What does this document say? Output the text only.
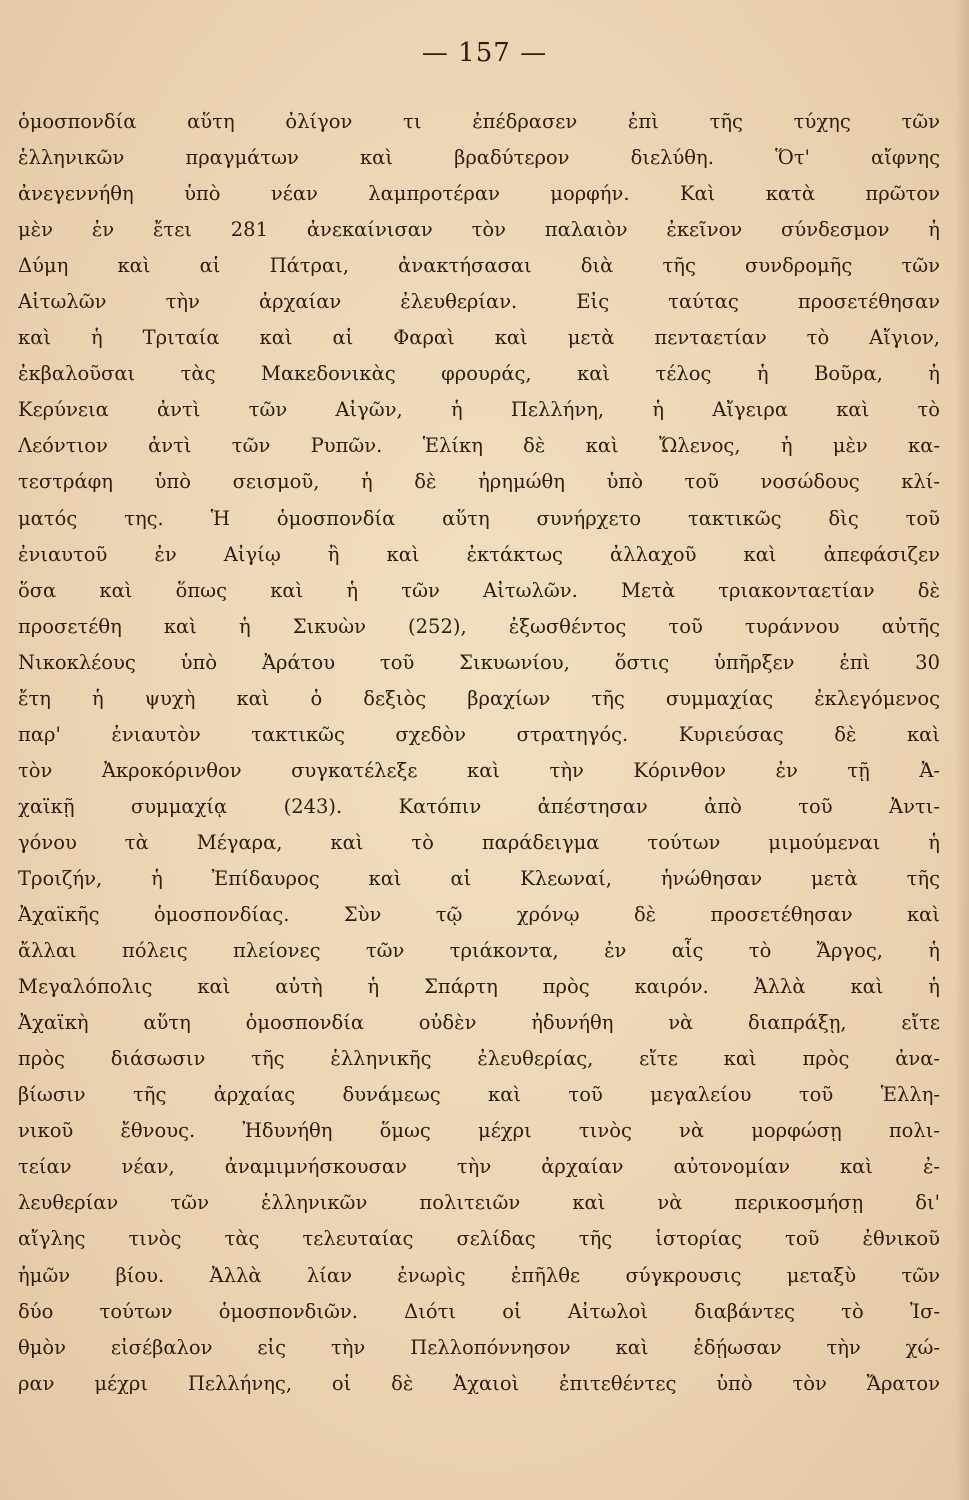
— 157 —
ὁμοσπονδία αὕτη ὀλίγον τι ἐπέδρασεν ἐπὶ τῆς τύχης τῶν
ἑλληνικῶν πραγμάτων καὶ βραδύτερον διελύθη. Ὅτ' αἴφνης
ἀνεγεννήθη ὑπὸ νέαν λαμπροτέραν μορφήν. Καὶ κατὰ πρῶτον
μὲν ἐν ἔτει 281 ἀνεκαίνισαν τὸν παλαιὸν ἐκεῖνον σύνδεσμον ἡ
Δύμη καὶ αἱ Πάτραι, ἀνακτήσασαι διὰ τῆς συνδρομῆς τῶν
Αἰτωλῶν τὴν ἀρχαίαν ἐλευθερίαν. Εἰς ταύτας προσετέθησαν
καὶ ἡ Τριταία καὶ αἱ Φαραὶ καὶ μετὰ πενταετίαν τὸ Αἴγιον,
ἐκβαλοῦσαι τὰς Μακεδονικὰς φρουράς, καὶ τέλος ἡ Βοῦρα, ἡ
Κερύνεια ἀντὶ τῶν Αἰγῶν, ἡ Πελλήνη, ἡ Αἴγειρα καὶ τὸ
Λεόντιον ἀντὶ τῶν Ρυπῶν. Ἑλίκη δὲ καὶ Ὤλενος, ἡ μὲν κα-
τεστράφη ὑπὸ σεισμοῦ, ἡ δὲ ἠρημώθη ὑπὸ τοῦ νοσώδους κλί-
ματός της. Ἡ ὁμοσπονδία αὕτη συνήρχετο τακτικῶς δὶς τοῦ
ἐνιαυτοῦ ἐν Αἰγίῳ ἢ καὶ ἐκτάκτως ἀλλαχοῦ καὶ ἀπεφάσιζεν
ὅσα καὶ ὅπως καὶ ἡ τῶν Αἰτωλῶν. Μετὰ τριακονταετίαν δὲ
προσετέθη καὶ ἡ Σικυὼν (252), ἐξωσθέντος τοῦ τυράννου αὐτῆς
Νικοκλέους ὑπὸ Ἀράτου τοῦ Σικυωνίου, ὅστις ὑπῆρξεν ἐπὶ 30
ἔτη ἡ ψυχὴ καὶ ὁ δεξιὸς βραχίων τῆς συμμαχίας ἐκλεγόμενος
παρ' ἐνιαυτὸν τακτικῶς σχεδὸν στρατηγός. Κυριεύσας δὲ καὶ
τὸν Ἀκροκόρινθον συγκατέλεξε καὶ τὴν Κόρινθον ἐν τῇ Ἀ-
χαϊκῇ συμμαχίᾳ (243). Κατόπιν ἀπέστησαν ἀπὸ τοῦ Ἀντι-
γόνου τὰ Μέγαρα, καὶ τὸ παράδειγμα τούτων μιμούμεναι ἡ
Τροιζήν, ἡ Ἐπίδαυρος καὶ αἱ Κλεωναί, ἡνώθησαν μετὰ τῆς
Ἀχαϊκῆς ὁμοσπονδίας. Σὺν τῷ χρόνῳ δὲ προσετέθησαν καὶ
ἄλλαι πόλεις πλείονες τῶν τριάκοντα, ἐν αἷς τὸ Ἄργος, ἡ
Μεγαλόπολις καὶ αὐτὴ ἡ Σπάρτη πρὸς καιρόν. Ἀλλὰ καὶ ἡ
Ἀχαϊκὴ αὕτη ὁμοσπονδία οὐδὲν ἠδυνήθη νὰ διαπράξῃ, εἴτε
πρὸς διάσωσιν τῆς ἑλληνικῆς ἐλευθερίας, εἴτε καὶ πρὸς ἀνα-
βίωσιν τῆς ἀρχαίας δυνάμεως καὶ τοῦ μεγαλείου τοῦ Ἑλλη-
νικοῦ ἔθνους. Ἠδυνήθη ὅμως μέχρι τινὸς νὰ μορφώσῃ πολι-
τείαν νέαν, ἀναμιμνήσκουσαν τὴν ἀρχαίαν αὐτονομίαν καὶ ἐ-
λευθερίαν τῶν ἑλληνικῶν πολιτειῶν καὶ νὰ περικοσμήσῃ δι'
αἴγλης τινὸς τὰς τελευταίας σελίδας τῆς ἱστορίας τοῦ ἐθνικοῦ
ἡμῶν βίου. Ἀλλὰ λίαν ἐνωρὶς ἐπῆλθε σύγκρουσις μεταξὺ τῶν
δύο τούτων ὁμοσπονδιῶν. Διότι οἱ Αἰτωλοὶ διαβάντες τὸ Ἰσ-
θμὸν εἰσέβαλον εἰς τὴν Πελλοπόννησον καὶ ἐδῄωσαν τὴν χώ-
ραν μέχρι Πελλήνης, οἱ δὲ Ἀχαιοὶ ἐπιτεθέντες ὑπὸ τὸν Ἄρατον
